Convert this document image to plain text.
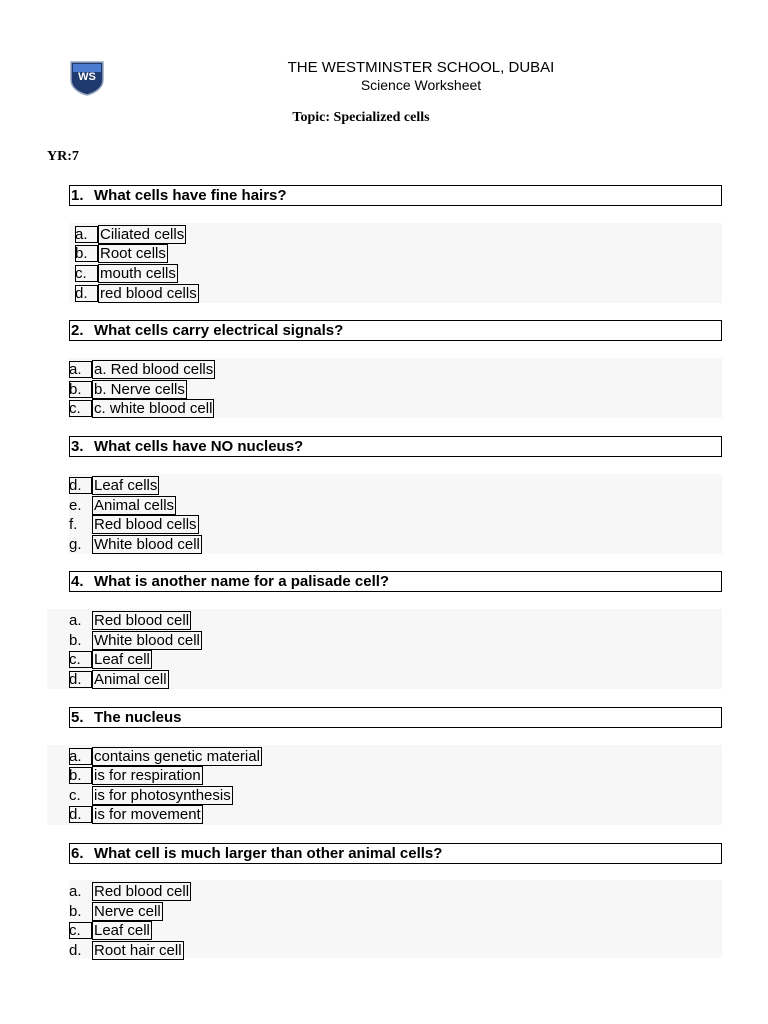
WS
THE WESTMINSTER SCHOOL, DUBAI
Science Worksheet
Topic: Specialized cells
YR:7
1. What cells have fine hairs?
a. Ciliated cells
b. Root cells
c. mouth cells
d. red blood cells
2. What cells carry electrical signals?
a. a. Red blood cells
b. b. Nerve cells
c. c. white blood cell
3. What cells have NO nucleus?
d. Leaf cells
e. Animal cells
f. Red blood cells
g. White blood cell
4. What is another name for a palisade cell?
a. Red blood cell
b. White blood cell
c. Leaf cell
d. Animal cell
5. The nucleus
a. contains genetic material
b. is for respiration
c. is for photosynthesis
d. is for movement
6. What cell is much larger than other animal cells?
a. Red blood cell
b. Nerve cell
c. Leaf cell
d. Root hair cell
